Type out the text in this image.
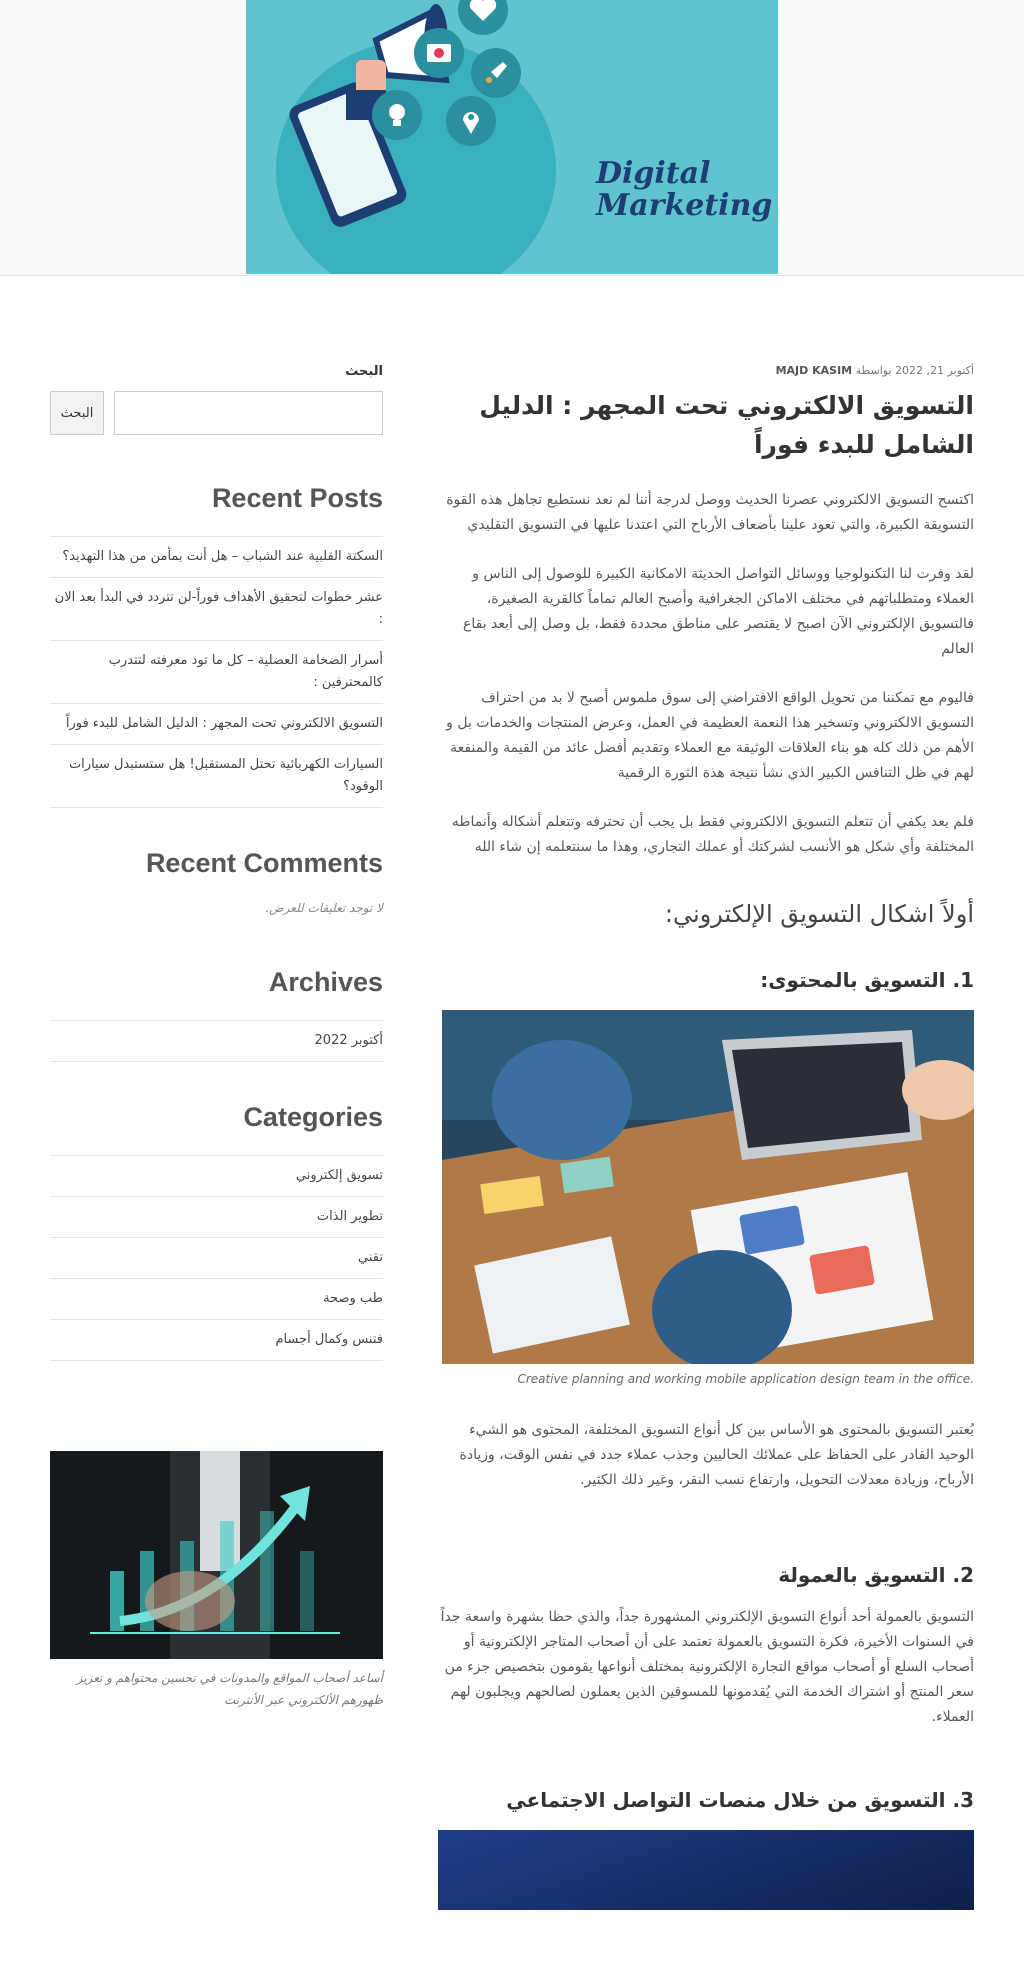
Digital
Marketing

أكتوبر 21, 2022 بواسطة MAJD KASIM

التسويق الالكتروني تحت المجهر : الدليل الشامل للبدء فوراً

اكتسح التسويق الالكتروني عصرنا الحديث ووصل لدرجة أننا لم نعد نستطيع تجاهل هذه القوة التسويقة الكبيرة، والتي تعود علينا بأضعاف الأرباح التي اعتدنا عليها في التسويق التقليدي

لقد وفرت لنا التكنولوجيا ووسائل التواصل الحديثة الامكانية الكبيرة للوصول إلى الناس و العملاء ومتطلباتهم في مختلف الاماكن الجغرافية وأصبح العالم تماماً كالقرية الصغيرة، فالتسويق الإلكتروني الآن اصبح لا يقتصر على مناطق محددة فقط، بل وصل إلى أبعد بقاع العالم

فاليوم مع تمكننا من تحويل الواقع الافتراضي إلى سوق ملموس أصبح لا بد من احتراف التسويق الالكتروني وتسخير هذا النعمة العظيمة في العمل، وعرض المنتجات والخدمات بل و الأهم من ذلك كله هو بناء العلاقات الوثيقة مع العملاء وتقديم أفضل عائد من القيمة والمنفعة لهم في ظل التنافس الكبير الذي نشأ نتيجة هذة الثورة الرقمية

فلم يعد يكفي أن تتعلم التسويق الالكتروني فقط بل يجب أن تحترفه وتتعلم أشكاله وأنماطه المختلفة وأي شكل هو الأنسب لشركتك أو عملك التجاري، وهذا ما سنتعلمه إن شاء الله

أولاً اشكال التسويق الإلكتروني:
1. التسويق بالمحتوى:

Creative planning and working mobile application design team in the office.

يُعتبر التسويق بالمحتوى هو الأساس بين كل أنواع التسويق المختلفة، المحتوى هو الشيء الوحيد القادر على الحفاظ على عملائك الحاليين وجذب عملاء جدد في نفس الوقت، وزيادة الأرباح، وزيادة معدلات التحويل، وارتفاع نسب النقر، وغير ذلك الكثير.

2. التسويق بالعمولة

التسويق بالعمولة أحد أنواع التسويق الإلكتروني المشهورة جداً، والذي حظا بشهرة واسعة جداً في السنوات الأخيرة، فكرة التسويق بالعمولة تعتمد على أن أصحاب المتاجر الإلكترونية أو أصحاب السلع أو أصحاب مواقع التجارة الإلكترونية بمختلف أنواعها يقومون بتخصيص جزء من سعر المنتج أو اشتراك الخدمة التي يُقدمونها للمسوقين الذين يعملون لصالحهم ويجلبون لهم العملاء.

3. التسويق من خلال منصات التواصل الاجتماعي

البحث

البحث
Recent Posts
السكتة القلبية عند الشباب – هل أنت بمأمن من هذا التهديد؟
عشر خطوات لتحقيق الأهداف فوراً-لن تتردد في البدأ بعد الان :
أسرار الضخامة العضلية – كل ما تود معرفته لتتدرب كالمحترفين :
التسويق الالكتروني تحت المجهر : الدليل الشامل للبدء فوراً
السيارات الكهربائية تحتل المستقبل! هل ستستبدل سيارات الوقود؟
Recent Comments

لا توجد تعليقات للعرض.

Archives
أكتوبر 2022
Categories
تسويق إلكتروني
تطوير الذات
تقني
طب وصحة
فتنس وكمال أجسام

أساعد أصحاب المواقع والمدونات في تحسين محتواهم و تعزيز ظهورهم الألكتروني عبر الأنترنت
